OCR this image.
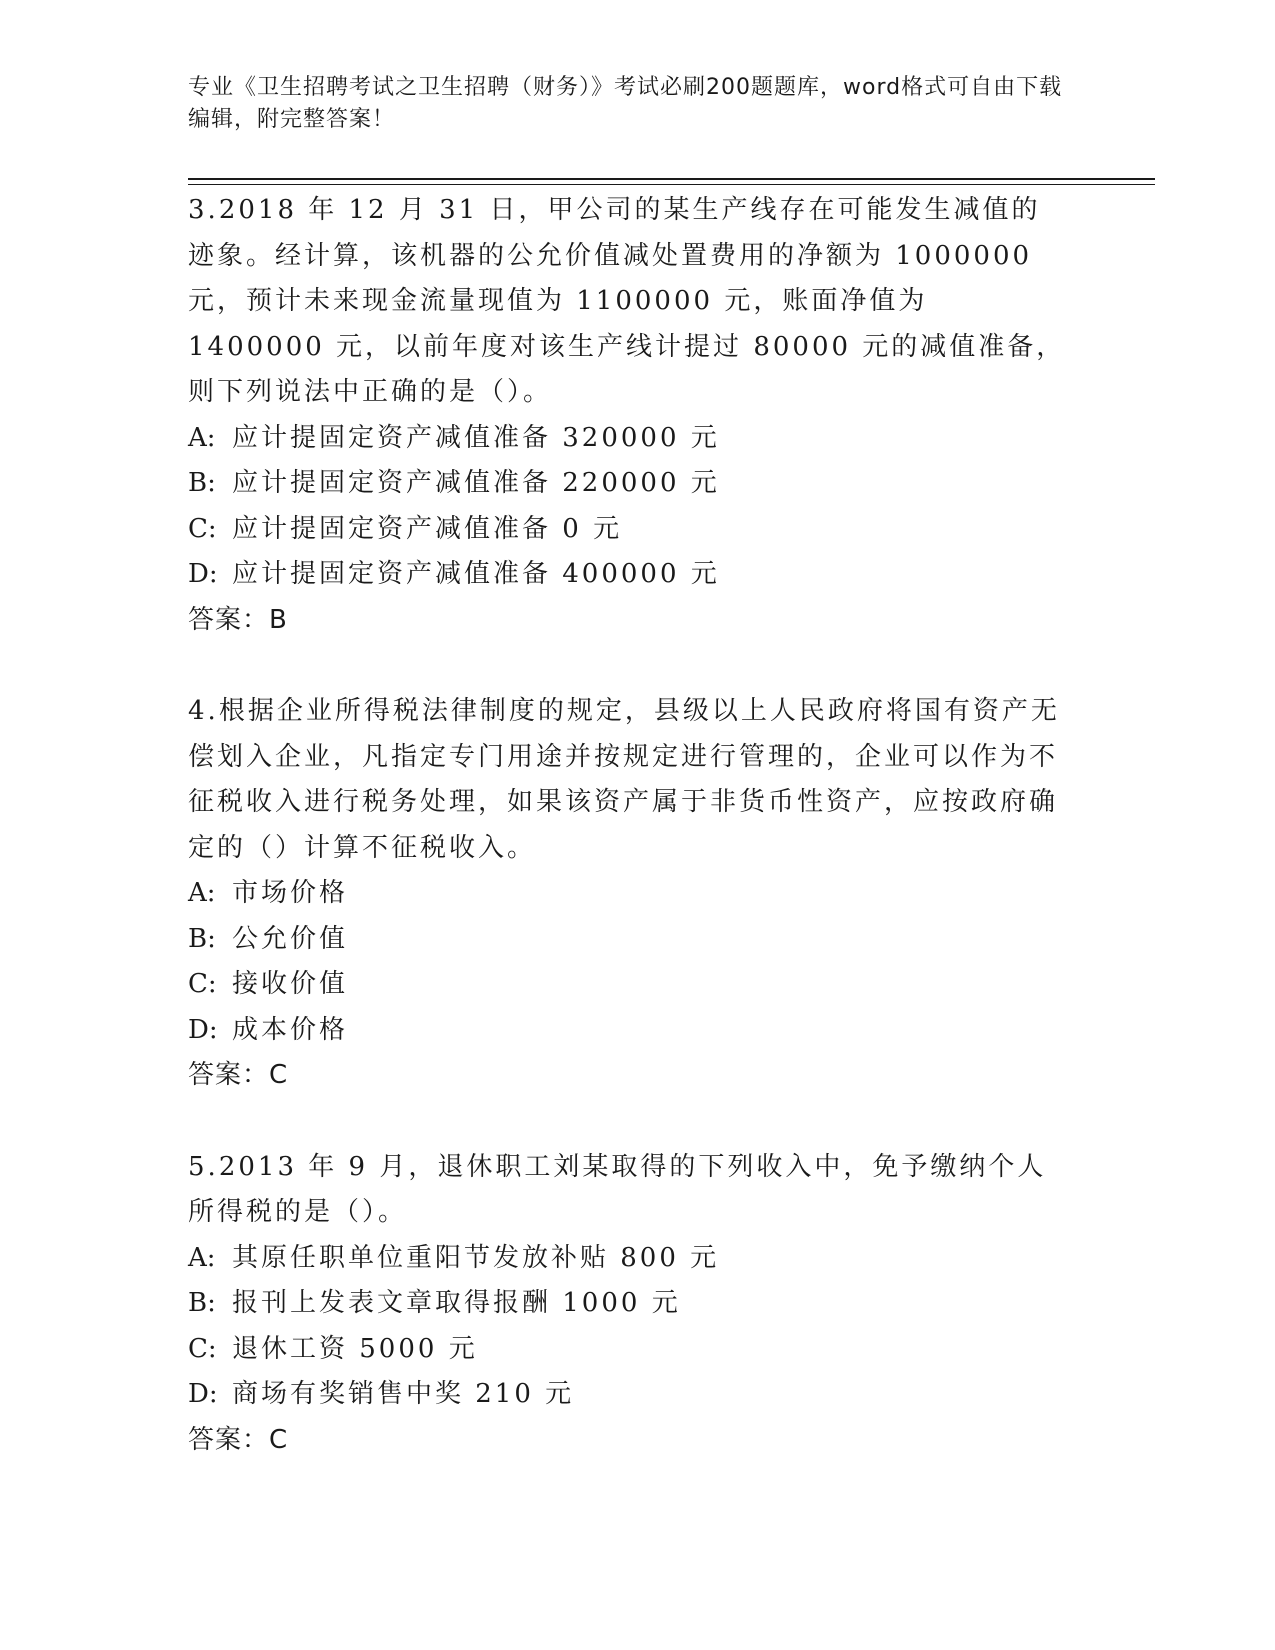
专业《卫生招聘考试之卫生招聘（财务）》考试必刷200题题库，word格式可自由下载编辑，附完整答案！

3.2018 年 12 月 31 日，甲公司的某生产线存在可能发生减值的迹象。经计算，该机器的公允价值减处置费用的净额为 1000000 元，预计未来现金流量现值为 1100000 元，账面净值为 1400000 元，以前年度对该生产线计提过 80000 元的减值准备，则下列说法中正确的是（）。

A: 应计提固定资产减值准备 320000 元

B: 应计提固定资产减值准备 220000 元

C: 应计提固定资产减值准备 0 元

D: 应计提固定资产减值准备 400000 元

答案：B

4.根据企业所得税法律制度的规定，县级以上人民政府将国有资产无偿划入企业，凡指定专门用途并按规定进行管理的，企业可以作为不征税收入进行税务处理，如果该资产属于非货币性资产，应按政府确定的（）计算不征税收入。

A: 市场价格

B: 公允价值

C: 接收价值

D: 成本价格

答案：C

5.2013 年 9 月，退休职工刘某取得的下列收入中，免予缴纳个人所得税的是（）。

A: 其原任职单位重阳节发放补贴 800 元

B: 报刊上发表文章取得报酬 1000 元

C: 退休工资 5000 元

D: 商场有奖销售中奖 210 元

答案：C
